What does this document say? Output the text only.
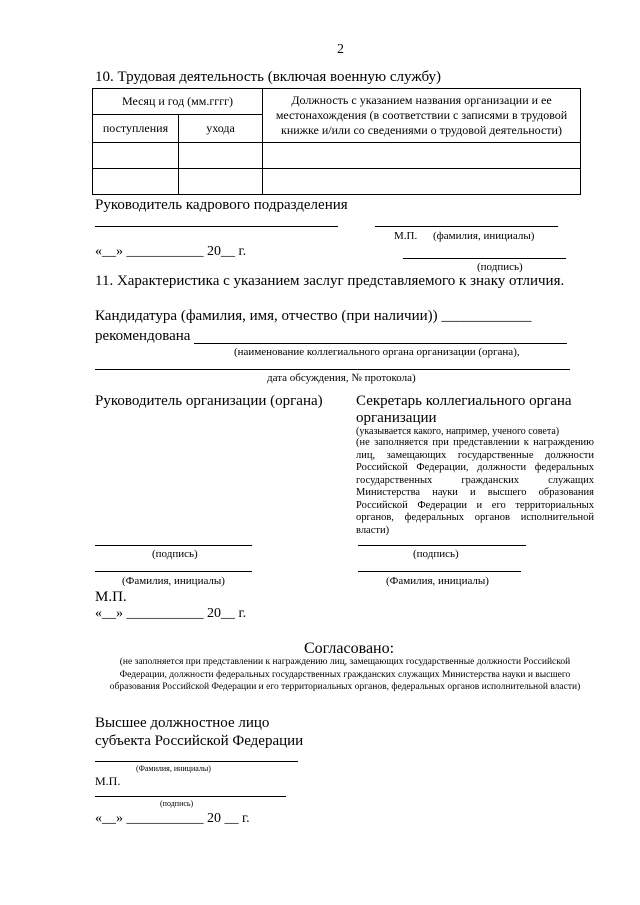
2
10. Трудовая деятельность (включая военную службу)
Месяц и год (мм.гггг)		Должность с указанием названия организации и ее местонахождения (в соответствии с записями в трудовой книжке и/или со сведениями о трудовой деятельности)
поступления	ухода	

Руководитель кадрового подразделения
М.П. (фамилия, инициалы)
«__» ___________ 20__ г.
(подпись)
11. Характеристика с указанием заслуг представляемого к знаку отличия.
Кандидатура (фамилия, имя, отчество (при наличии)) ____________
рекомендована
(наименование коллегиального органа организации (органа),
дата обсуждения, № протокола)
Руководитель организации (органа) Секретарь коллегиального органа
организации
(указывается какого, например, ученого совета)
(не заполняется при представлении к награждению лиц, замещающих государственные должности Российской Федерации, должности федеральных государственных гражданских служащих Министерства науки и высшего образования Российской Федерации и его территориальных органов, федеральных органов исполнительной власти)
(подпись)	(подпись)
(Фамилия, инициалы)	(Фамилия, инициалы)
М.П.
«__» ___________ 20__ г.
Согласовано:
(не заполняется при представлении к награждению лиц, замещающих государственные должности Российской Федерации, должности федеральных государственных гражданских служащих Министерства науки и высшего образования Российской Федерации и его территориальных органов, федеральных органов исполнительной власти)
Высшее должностное лицо
субъекта Российской Федерации
(Фамилия, инициалы)
М.П.
(подпись)
«__» ___________ 20 __ г.
